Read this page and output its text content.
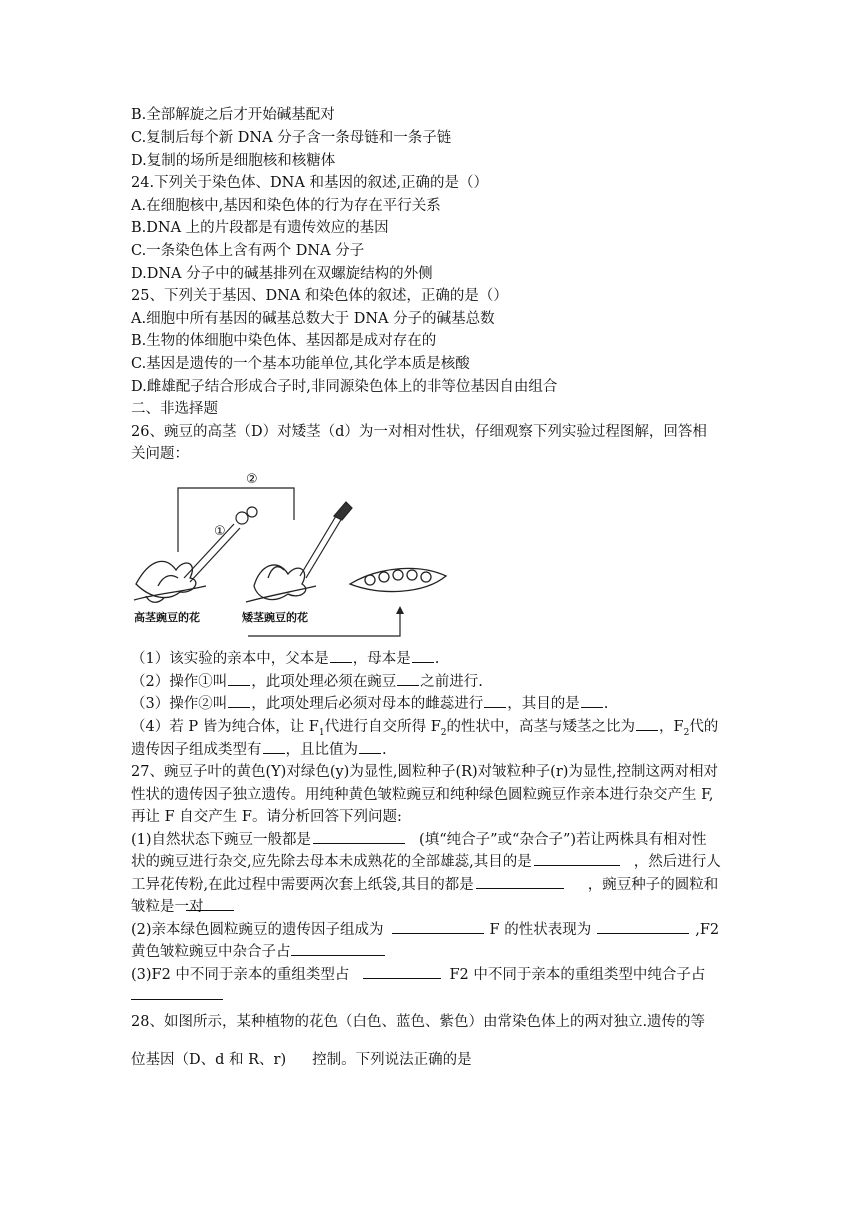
B.全部解旋之后才开始碱基配对
C.复制后每个新 DNA 分子含一条母链和一条子链
D.复制的场所是细胞核和核糖体
24.下列关于染色体、DNA 和基因的叙述,正确的是（）
A.在细胞核中,基因和染色体的行为存在平行关系
B.DNA 上的片段都是有遗传效应的基因
C.一条染色体上含有两个 DNA 分子
D.DNA 分子中的碱基排列在双螺旋结构的外侧
25、下列关于基因、DNA 和染色体的叙述，正确的是（）
A.细胞中所有基因的碱基总数大于 DNA 分子的碱基总数
B.生物的体细胞中染色体、基因都是成对存在的
C.基因是遗传的一个基本功能单位,其化学本质是核酸
D.雌雄配子结合形成合子时,非同源染色体上的非等位基因自由组合
二、非选择题
26、豌豆的高茎（D）对矮茎（d）为一对相对性状，仔细观察下列实验过程图解，回答相
关问题：
②
①
高茎豌豆的花	矮茎豌豆的花
（1）该实验的亲本中，父本是 ，母本是 .
（2）操作①叫 ，此项处理必须在豌豆 之前进行.
（3）操作②叫 ，此项处理后必须对母本的雌蕊进行 ，其目的是 .
（4）若 P 皆为纯合体，让 $F_1$代进行自交所得 $F_2$的性状中，高茎与矮茎之比为 ，$F_2$代的
遗传因子组成类型有 ，且比值为 .
27、豌豆子叶的黄色(Y)对绿色(y)为显性,圆粒种子(R)对皱粒种子(r)为显性,控制这两对相对
性状的遗传因子独立遗传。用纯种黄色皱粒豌豆和纯种绿色圆粒豌豆作亲本进行杂交产生 F,
再让 F 自交产生 F。请分析回答下列问题:
(1)自然状态下豌豆一般都是	(填“纯合子”或“杂合子”)若让两株具有相对性
状的豌豆进行杂交,应先除去母本未成熟花的全部雄蕊,其目的是	，然后进行人
工异花传粉,在此过程中需要两次套上纸袋,其目的都是	，豌豆种子的圆粒和
皱粒是一对
(2)亲本绿色圆粒豌豆的遗传因子组成为	F 的性状表现为	,F2
黄色皱粒豌豆中杂合子占
(3)F2 中不同于亲本的重组类型占	F2 中不同于亲本的重组类型中纯合子占
28、如图所示，某种植物的花色（白色、蓝色、紫色）由常染色体上的两对独立.遗传的等
位基因（D、d 和 R、r) 控制。下列说法正确的是
